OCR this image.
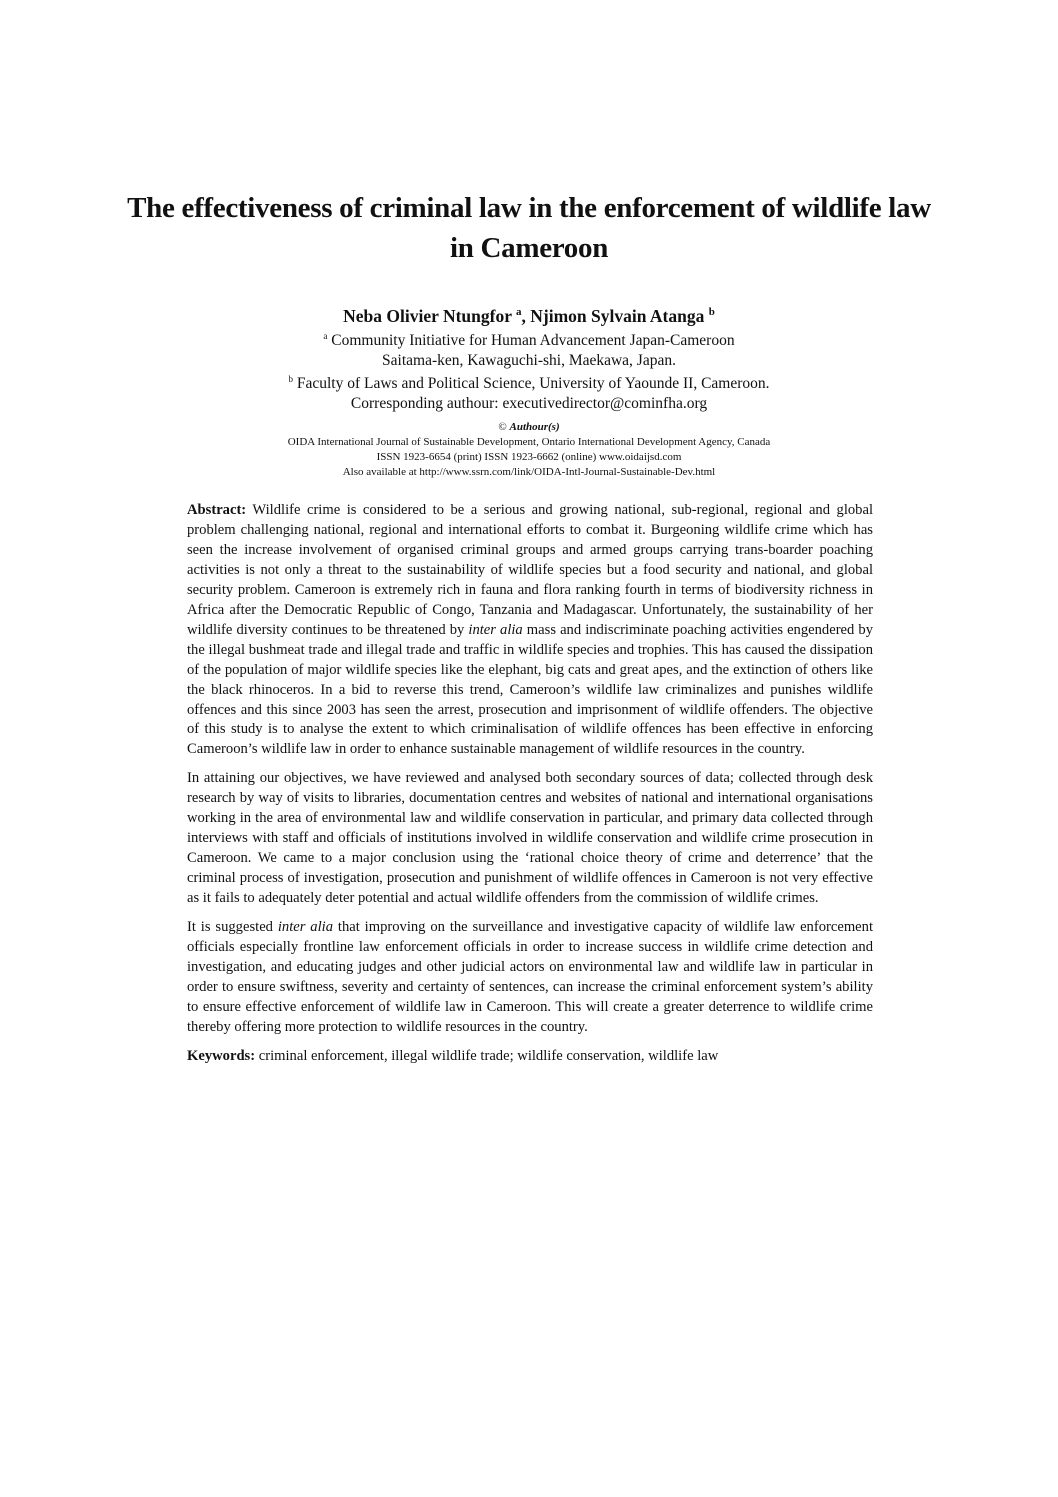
The effectiveness of criminal law in the enforcement of wildlife law in Cameroon
Neba Olivier Ntungfor $^a$, Njimon Sylvain Atanga $^b$
$^a$ Community Initiative for Human Advancement Japan-Cameroon
Saitama-ken, Kawaguchi-shi, Maekawa, Japan.
$^b$ Faculty of Laws and Political Science, University of Yaounde II, Cameroon.
Corresponding authour: executivedirector@cominfha.org
© Authour(s)
OIDA International Journal of Sustainable Development, Ontario International Development Agency, Canada
ISSN 1923-6654 (print) ISSN 1923-6662 (online) www.oidaijsd.com
Also available at http://www.ssrn.com/link/OIDA-Intl-Journal-Sustainable-Dev.html

Abstract: Wildlife crime is considered to be a serious and growing national, sub-regional, regional and global problem challenging national, regional and international efforts to combat it. Burgeoning wildlife crime which has seen the increase involvement of organised criminal groups and armed groups carrying trans-boarder poaching activities is not only a threat to the sustainability of wildlife species but a food security and national, and global security problem. Cameroon is extremely rich in fauna and flora ranking fourth in terms of biodiversity richness in Africa after the Democratic Republic of Congo, Tanzania and Madagascar. Unfortunately, the sustainability of her wildlife diversity continues to be threatened by inter alia mass and indiscriminate poaching activities engendered by the illegal bushmeat trade and illegal trade and traffic in wildlife species and trophies. This has caused the dissipation of the population of major wildlife species like the elephant, big cats and great apes, and the extinction of others like the black rhinoceros. In a bid to reverse this trend, Cameroon’s wildlife law criminalizes and punishes wildlife offences and this since 2003 has seen the arrest, prosecution and imprisonment of wildlife offenders. The objective of this study is to analyse the extent to which criminalisation of wildlife offences has been effective in enforcing Cameroon’s wildlife law in order to enhance sustainable management of wildlife resources in the country.

In attaining our objectives, we have reviewed and analysed both secondary sources of data; collected through desk research by way of visits to libraries, documentation centres and websites of national and international organisations working in the area of environmental law and wildlife conservation in particular, and primary data collected through interviews with staff and officials of institutions involved in wildlife conservation and wildlife crime prosecution in Cameroon. We came to a major conclusion using the ‘rational choice theory of crime and deterrence’ that the criminal process of investigation, prosecution and punishment of wildlife offences in Cameroon is not very effective as it fails to adequately deter potential and actual wildlife offenders from the commission of wildlife crimes.

It is suggested inter alia that improving on the surveillance and investigative capacity of wildlife law enforcement officials especially frontline law enforcement officials in order to increase success in wildlife crime detection and investigation, and educating judges and other judicial actors on environmental law and wildlife law in particular in order to ensure swiftness, severity and certainty of sentences, can increase the criminal enforcement system’s ability to ensure effective enforcement of wildlife law in Cameroon. This will create a greater deterrence to wildlife crime thereby offering more protection to wildlife resources in the country.

Keywords: criminal enforcement, illegal wildlife trade; wildlife conservation, wildlife law
